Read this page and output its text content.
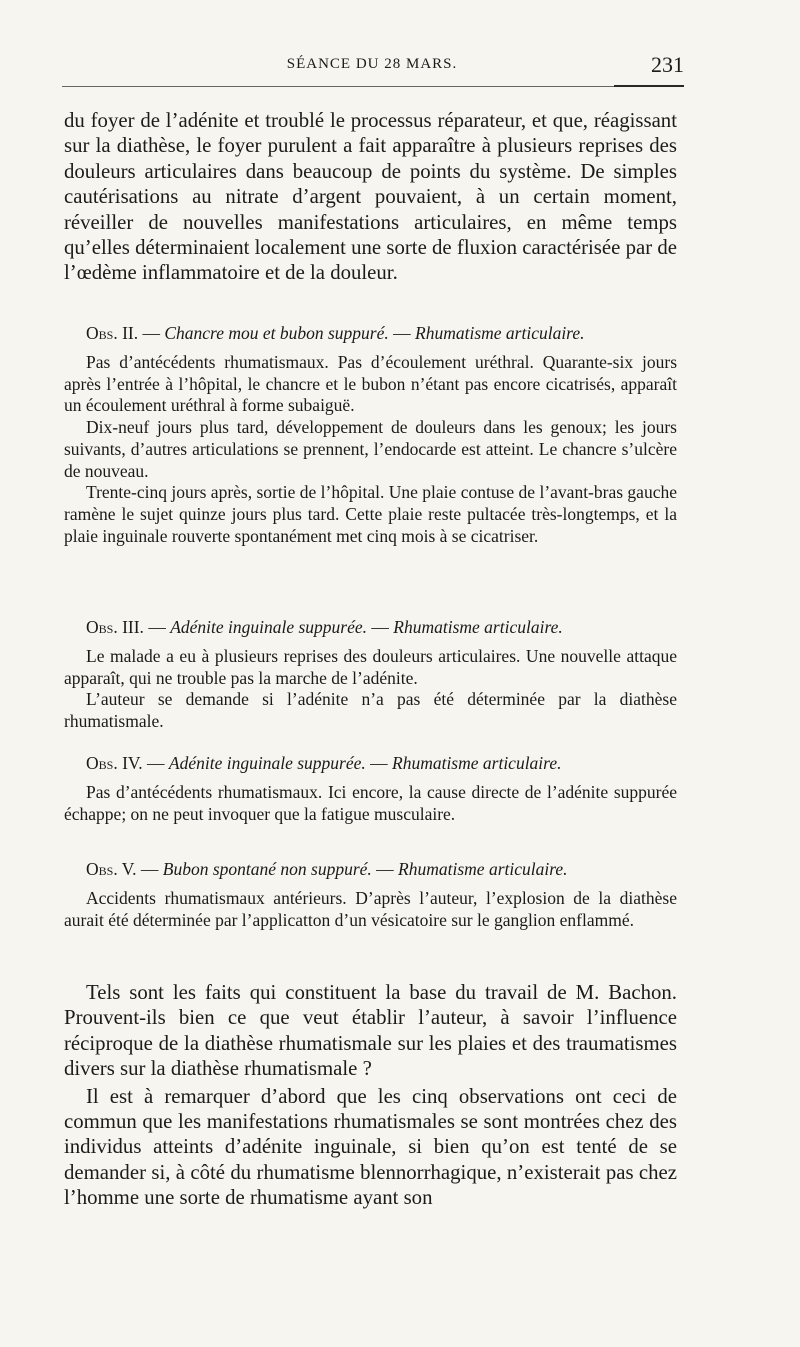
SÉANCE DU 28 MARS.	231

du foyer de l’adénite et troublé le processus réparateur, et que, réagissant sur la diathèse, le foyer purulent a fait apparaître à plusieurs reprises des douleurs articulaires dans beaucoup de points du système. De simples cautérisations au nitrate d’argent pouvaient, à un certain moment, réveiller de nouvelles manifestations articulaires, en même temps qu’elles déterminaient localement une sorte de fluxion caractérisée par de l’œdème inflammatoire et de la douleur.

Obs. II. — Chancre mou et bubon suppuré. — Rhumatisme articulaire.

Pas d’antécédents rhumatismaux. Pas d’écoulement uréthral. Quarante-six jours après l’entrée à l’hôpital, le chancre et le bubon n’étant pas encore cicatrisés, apparaît un écoulement uréthral à forme subaiguë.

Dix-neuf jours plus tard, développement de douleurs dans les genoux; les jours suivants, d’autres articulations se prennent, l’endocarde est atteint. Le chancre s’ulcère de nouveau.

Trente-cinq jours après, sortie de l’hôpital. Une plaie contuse de l’avant-bras gauche ramène le sujet quinze jours plus tard. Cette plaie reste pultacée très-longtemps, et la plaie inguinale rouverte spontanément met cinq mois à se cicatriser.

Obs. III. — Adénite inguinale suppurée. — Rhumatisme articulaire.

Le malade a eu à plusieurs reprises des douleurs articulaires. Une nouvelle attaque apparaît, qui ne trouble pas la marche de l’adénite.

L’auteur se demande si l’adénite n’a pas été déterminée par la diathèse rhumatismale.

Obs. IV. — Adénite inguinale suppurée. — Rhumatisme articulaire.

Pas d’antécédents rhumatismaux. Ici encore, la cause directe de l’adénite suppurée échappe; on ne peut invoquer que la fatigue musculaire.

Obs. V. — Bubon spontané non suppuré. — Rhumatisme articulaire.

Accidents rhumatismaux antérieurs. D’après l’auteur, l’explosion de la diathèse aurait été déterminée par l’applicatton d’un vésicatoire sur le ganglion enflammé.

Tels sont les faits qui constituent la base du travail de M. Bachon. Prouvent-ils bien ce que veut établir l’auteur, à savoir l’influence réciproque de la diathèse rhumatismale sur les plaies et des traumatismes divers sur la diathèse rhumatismale ?

Il est à remarquer d’abord que les cinq observations ont ceci de commun que les manifestations rhumatismales se sont montrées chez des individus atteints d’adénite inguinale, si bien qu’on est tenté de se demander si, à côté du rhumatisme blennorrhagique, n’existerait pas chez l’homme une sorte de rhumatisme ayant son
